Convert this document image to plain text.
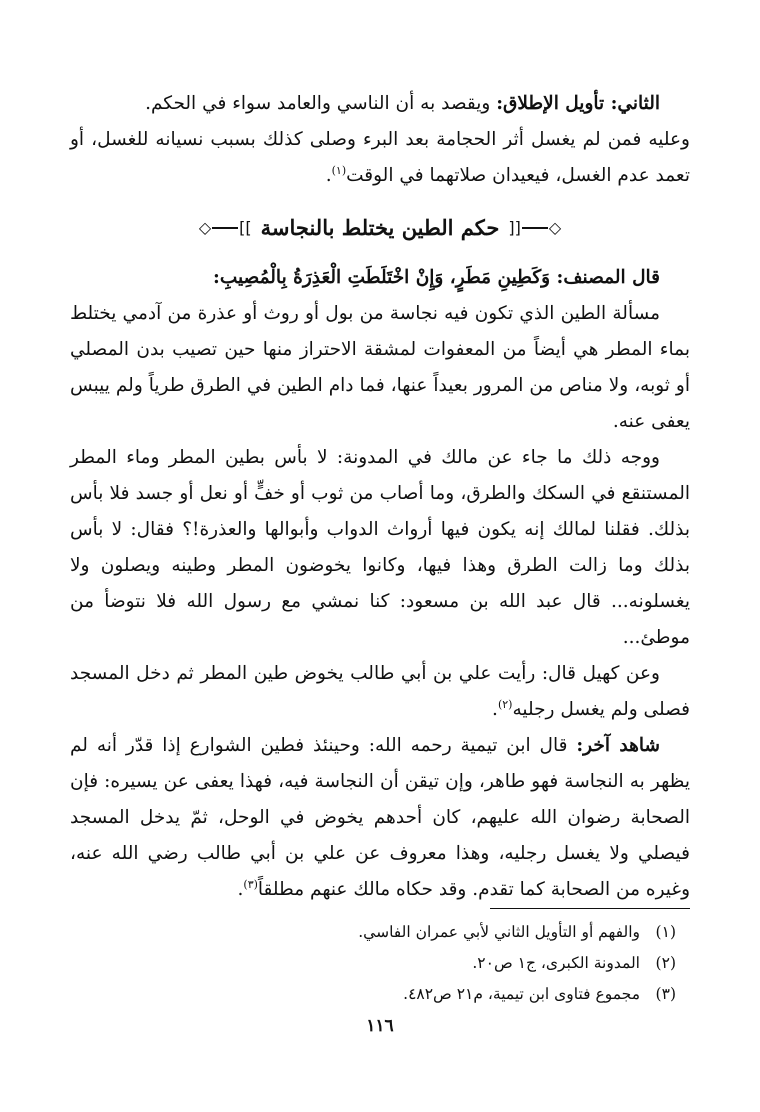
الثاني: تأويل الإطلاق: ويقصد به أن الناسي والعامد سواء في الحكم.
وعليه فمن لم يغسل أثر الحجامة بعد البرء وصلى كذلك بسبب نسيانه للغسل، أو تعمد عدم الغسل، فيعيدان صلاتهما في الوقت$^{(١)}$.

]] ◇
حكم الطين يختلط بالنجاسة
◇ [[

قال المصنف: وَكَطِينِ مَطَرٍ، وَإِنْ اخْتَلَطَتِ الْعَذِرَةُ بِالْمُصِيبِ:

مسألة الطين الذي تكون فيه نجاسة من بول أو روث أو عذرة من آدمي يختلط بماء المطر هي أيضاً من المعفوات لمشقة الاحتراز منها حين تصيب بدن المصلي أو ثوبه، ولا مناص من المرور بعيداً عنها، فما دام الطين في الطرق طرياً ولم ييبس يعفى عنه.

ووجه ذلك ما جاء عن مالك في المدونة: لا بأس بطين المطر وماء المطر المستنقع في السكك والطرق، وما أصاب من ثوب أو خفٍّ أو نعل أو جسد فلا بأس بذلك. فقلنا لمالك إنه يكون فيها أرواث الدواب وأبوالها والعذرة!؟ فقال: لا بأس بذلك وما زالت الطرق وهذا فيها، وكانوا يخوضون المطر وطينه ويصلون ولا يغسلونه... قال عبد الله بن مسعود: كنا نمشي مع رسول الله فلا نتوضأ من موطئ...

وعن كهيل قال: رأيت علي بن أبي طالب يخوض طين المطر ثم دخل المسجد فصلى ولم يغسل رجليه$^{(٢)}$.

شاهد آخر: قال ابن تيمية رحمه الله: وحينئذ فطين الشوارع إذا قدّر أنه لم يظهر به النجاسة فهو طاهر، وإن تيقن أن النجاسة فيه، فهذا يعفى عن يسيره: فإن الصحابة رضوان الله عليهم، كان أحدهم يخوض في الوحل، ثمّ يدخل المسجد فيصلي ولا يغسل رجليه، وهذا معروف عن علي بن أبي طالب رضي الله عنه، وغيره من الصحابة كما تقدم. وقد حكاه مالك عنهم مطلقاً$^{(٣)}$.

(١)والفهم أو التأويل الثاني لأبي عمران الفاسي.

(٢)المدونة الكبرى، ج١ ص٢٠.

(٣)مجموع فتاوى ابن تيمية، م٢١ ص٤٨٢.

١١٦
